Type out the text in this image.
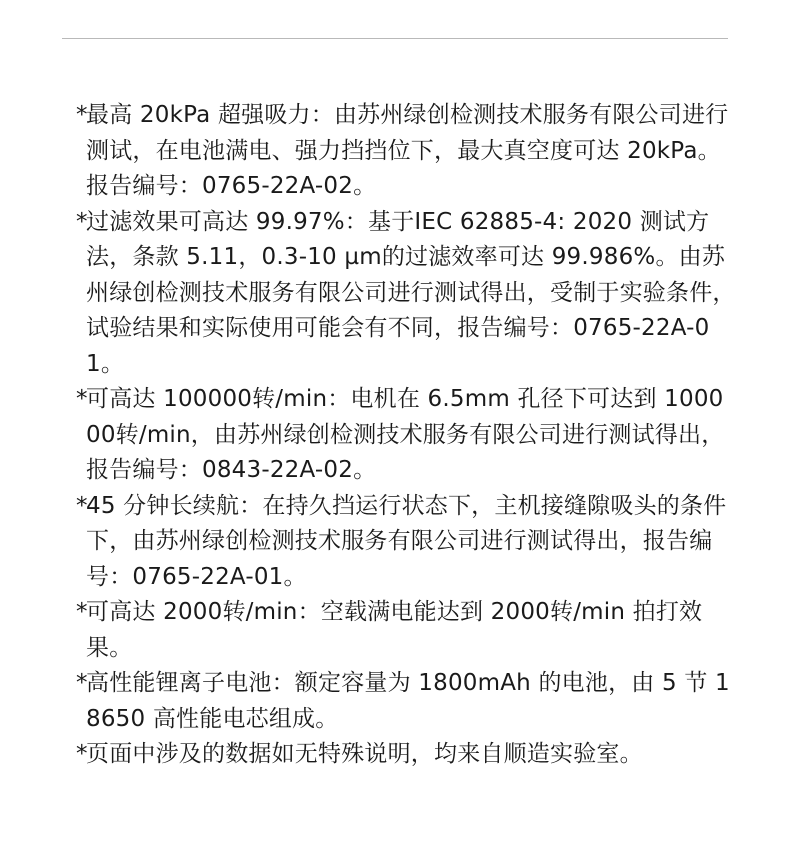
*
最高 20kPa 超强吸力：由苏州绿创检测技术服务有限公司进行测试，在电池满电、强力挡挡位下，最大真空度可达 20kPa。报告编号：0765-22A-02。
*
过滤效果可高达 99.97%：基于IEC 62885-4: 2020 测试方法，条款 5.11，0.3-10 µm的过滤效率可达 99.986%。由苏州绿创检测技术服务有限公司进行测试得出，受制于实验条件，试验结果和实际使用可能会有不同，报告编号：0765-22A-01。
*
可高达 100000转/min：电机在 6.5mm 孔径下可达到 100000转/min，由苏州绿创检测技术服务有限公司进行测试得出，报告编号：0843-22A-02。
*
45 分钟长续航：在持久挡运行状态下，主机接缝隙吸头的条件下，由苏州绿创检测技术服务有限公司进行测试得出，报告编号：0765-22A-01。
*
可高达 2000转/min：空载满电能达到 2000转/min 拍打效果。
*
高性能锂离子电池：额定容量为 1800mAh 的电池，由 5 节 18650 高性能电芯组成。
*
页面中涉及的数据如无特殊说明，均来自顺造实验室。
